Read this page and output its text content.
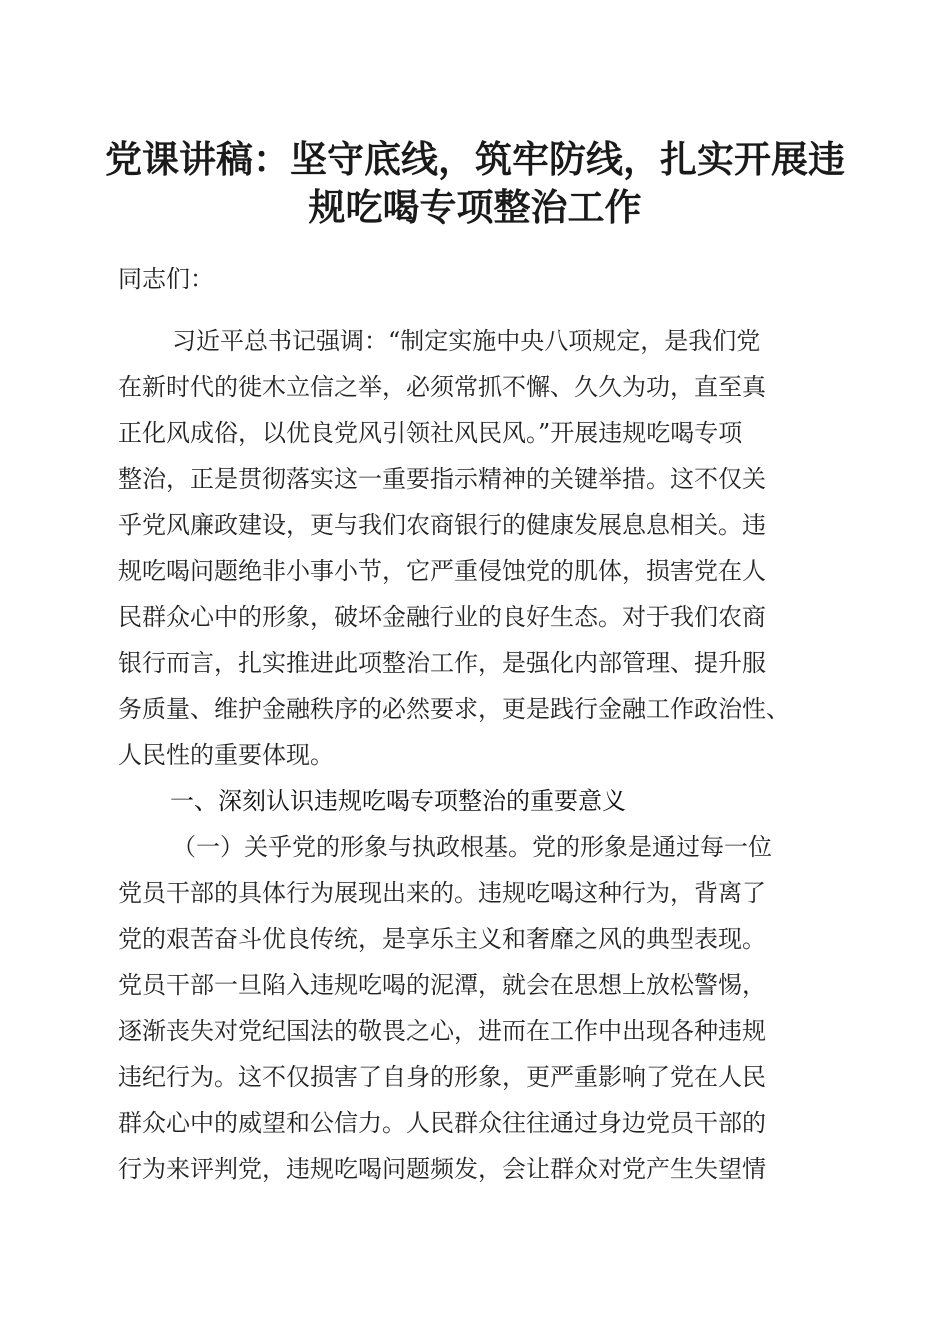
党课讲稿：坚守底线，筑牢防线，扎实开展违
规吃喝专项整治工作
同志们：
习近平总书记强调：“制定实施中央八项规定，是我们党
在新时代的徙木立信之举，必须常抓不懈、久久为功，直至真
正化风成俗，以优良党风引领社风民风。”开展违规吃喝专项
整治，正是贯彻落实这一重要指示精神的关键举措。这不仅关
乎党风廉政建设，更与我们农商银行的健康发展息息相关。违
规吃喝问题绝非小事小节，它严重侵蚀党的肌体，损害党在人
民群众心中的形象，破坏金融行业的良好生态。对于我们农商
银行而言，扎实推进此项整治工作，是强化内部管理、提升服
务质量、维护金融秩序的必然要求，更是践行金融工作政治性、
人民性的重要体现。
一、深刻认识违规吃喝专项整治的重要意义
（一）关乎党的形象与执政根基。党的形象是通过每一位
党员干部的具体行为展现出来的。违规吃喝这种行为，背离了
党的艰苦奋斗优良传统，是享乐主义和奢靡之风的典型表现。
党员干部一旦陷入违规吃喝的泥潭，就会在思想上放松警惕，
逐渐丧失对党纪国法的敬畏之心，进而在工作中出现各种违规
违纪行为。这不仅损害了自身的形象，更严重影响了党在人民
群众心中的威望和公信力。人民群众往往通过身边党员干部的
行为来评判党，违规吃喝问题频发，会让群众对党产生失望情
